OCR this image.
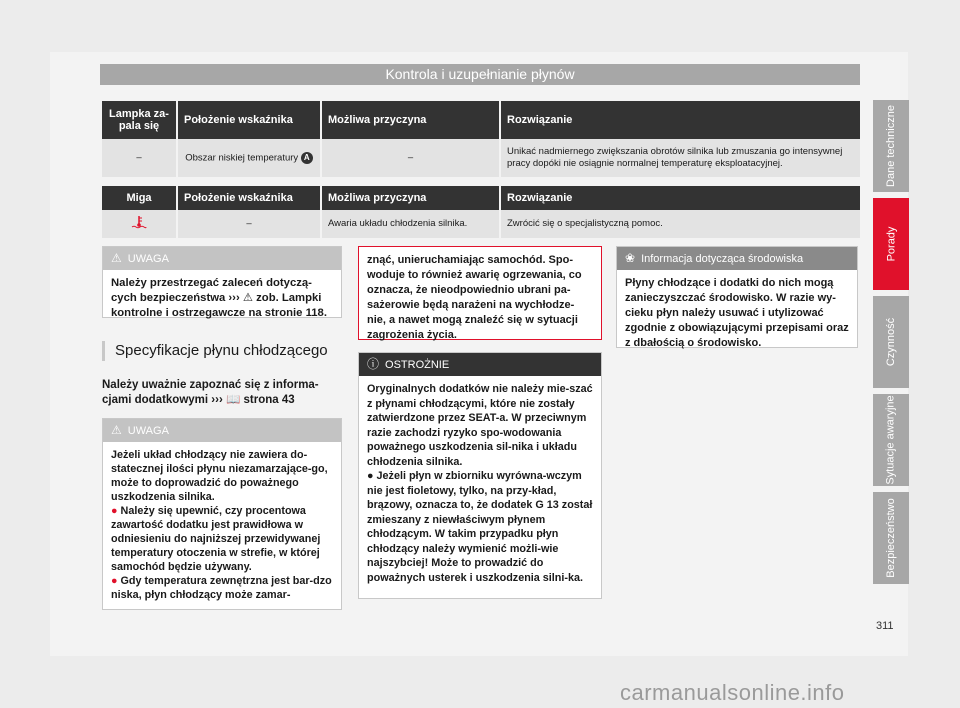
Kontrola i uzupełnianie płynów
Lampka za-
pala się	Położenie wskaźnika	Możliwa przyczyna	Rozwiązanie
–	Obszar niskiej temperatury A	–	Unikać nadmiernego zwiększania obrotów silnika lub zmuszania go intensywnej pracy dopóki nie osiągnie normalnej temperaturę eksploatacyjnej.
Miga	Położenie wskaźnika	Możliwa przyczyna	Rozwiązanie
	–	Awaria układu chłodzenia silnika.	Zwrócić się o specjalistyczną pomoc.
⚠ UWAGA
Należy przestrzegać zaleceń dotyczą-cych bezpieczeństwa ››› ⚠ zob. Lampki kontrolne i ostrzegawcze na stronie 118.
Specyfikacje płynu chłodzącego
Należy uważnie zapoznać się z informa-cjami dodatkowymi ››› 📖 strona 43
⚠ UWAGA
Jeżeli układ chłodzący nie zawiera do-statecznej ilości płynu niezamarzające-go, może to doprowadzić do poważnego uszkodzenia silnika.
● Należy się upewnić, czy procentowa zawartość dodatku jest prawidłowa w odniesieniu do najniższej przewidywanej temperatury otoczenia w strefie, w której samochód będzie używany.
● Gdy temperatura zewnętrzna jest bar-dzo niska, płyn chłodzący może zamar-
znąć, unieruchamiając samochód. Spo-woduje to również awarię ogrzewania, co oznacza, że nieodpowiednio ubrani pa-sażerowie będą narażeni na wychłodze-nie, a nawet mogą znaleźć się w sytuacji zagrożenia życia.
ⓘ OSTROŻNIE
Oryginalnych dodatków nie należy mie-szać z płynami chłodzącymi, które nie zostały zatwierdzone przez SEAT-a. W przeciwnym razie zachodzi ryzyko spo-wodowania poważnego uszkodzenia sil-nika i układu chłodzenia silnika.
● Jeżeli płyn w zbiorniku wyrówna-wczym nie jest fioletowy, tylko, na przy-kład, brązowy, oznacza to, że dodatek G 13 został zmieszany z niewłaściwym płynem chłodzącym. W takim przypadku płyn chłodzący należy wymienić możli-wie najszybciej! Może to prowadzić do poważnych usterek i uszkodzenia silni-ka.
❀ Informacja dotycząca środowiska
Płyny chłodzące i dodatki do nich mogą zanieczyszczać środowisko. W razie wy-cieku płyn należy usuwać i utylizować zgodnie z obowiązującymi przepisami oraz z dbałością o środowisko.
Dane techniczne
Porady
Czynność
Sytuacje awaryjne
Bezpieczeństwo
311
carmanualsonline.info
